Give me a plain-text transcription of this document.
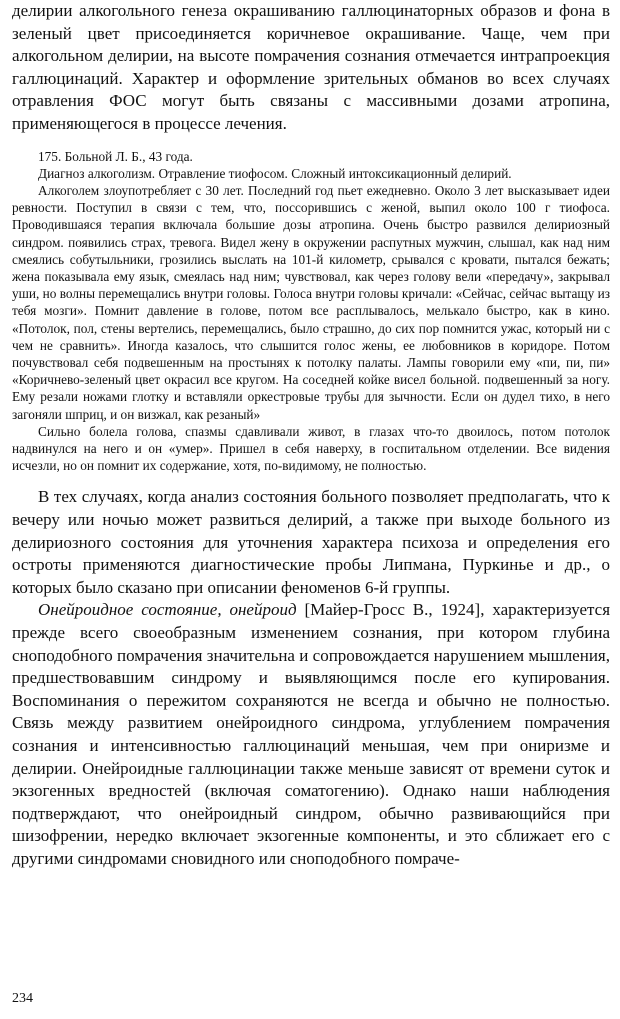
делирии алкогольного генеза окрашиванию галлюцинаторных образов и фона в зеленый цвет присоединяется коричневое окрашивание. Чаще, чем при алкогольном делирии, на высоте помрачения сознания отмечается интрапроекция галлюцинаций. Характер и оформление зрительных обманов во всех случаях отравления ФОС могут быть связаны с массивными дозами атропина, применяющегося в процессе лечения.

175. Больной Л. Б., 43 года.

Диагноз алкоголизм. Отравление тиофосом. Сложный интоксикационный делирий.

Алкоголем злоупотребляет с 30 лет. Последний год пьет ежедневно. Около 3 лет высказывает идеи ревности. Поступил в связи с тем, что, поссорившись с женой, выпил около 100 г тиофоса. Проводившаяся терапия включала большие дозы атропина. Очень быстро развился делириозный синдром. появились страх, тревога. Видел жену в окружении распутных мужчин, слышал, как над ним смеялись собутыльники, грозились выслать на 101-й километр, срывался с кровати, пытался бежать; жена показывала ему язык, смеялась над ним; чувствовал, как через голову вели «передачу», закрывал уши, но волны перемещались внутри головы. Голоса внутри головы кричали: «Сейчас, сейчас вытащу из тебя мозги». Помнит давление в голове, потом все расплывалось, мелькало быстро, как в кино. «Потолок, пол, стены вертелись, перемещались, было страшно, до сих пор помнится ужас, который ни с чем не сравнить». Иногда казалось, что слышится голос жены, ее любовников в коридоре. Потом почувствовал себя подвешенным на простынях к потолку палаты. Лампы говорили ему «пи, пи, пи» «Коричнево-зеленый цвет окрасил все кругом. На соседней койке висел больной. подвешенный за ногу. Ему резали ножами глотку и вставляли оркестровые трубы для зычности. Если он дудел тихо, в него загоняли шприц, и он визжал, как резаный»

Сильно болела голова, спазмы сдавливали живот, в глазах что-то двоилось, потом потолок надвинулся на него и он «умер». Пришел в себя наверху, в госпитальном отделении. Все видения исчезли, но он помнит их содержание, хотя, по-видимому, не полностью.

В тех случаях, когда анализ состояния больного позволяет предполагать, что к вечеру или ночью может развиться делирий, а также при выходе больного из делириозного состояния для уточнения характера психоза и определения его остроты применяются диагностические пробы Липмана, Пуркинье и др., о которых было сказано при описании феноменов 6-й группы.

Онейроидное состояние, онейроид [Майер-Гросс В., 1924], характеризуется прежде всего своеобразным изменением сознания, при котором глубина сноподобного помрачения значительна и сопровождается нарушением мышления, предшествовавшим синдрому и выявляющимся после его купирования. Воспоминания о пережитом сохраняются не всегда и обычно не полностью. Связь между развитием онейроидного синдрома, углублением помрачения сознания и интенсивностью галлюцинаций меньшая, чем при ониризме и делирии. Онейроидные галлюцинации также меньше зависят от времени суток и экзогенных вредностей (включая соматогению). Однако наши наблюдения подтверждают, что онейроидный синдром, обычно развивающийся при шизофрении, нередко включает экзогенные компоненты, и это сближает его с другими синдромами сновидного или сноподобного помраче-

234
